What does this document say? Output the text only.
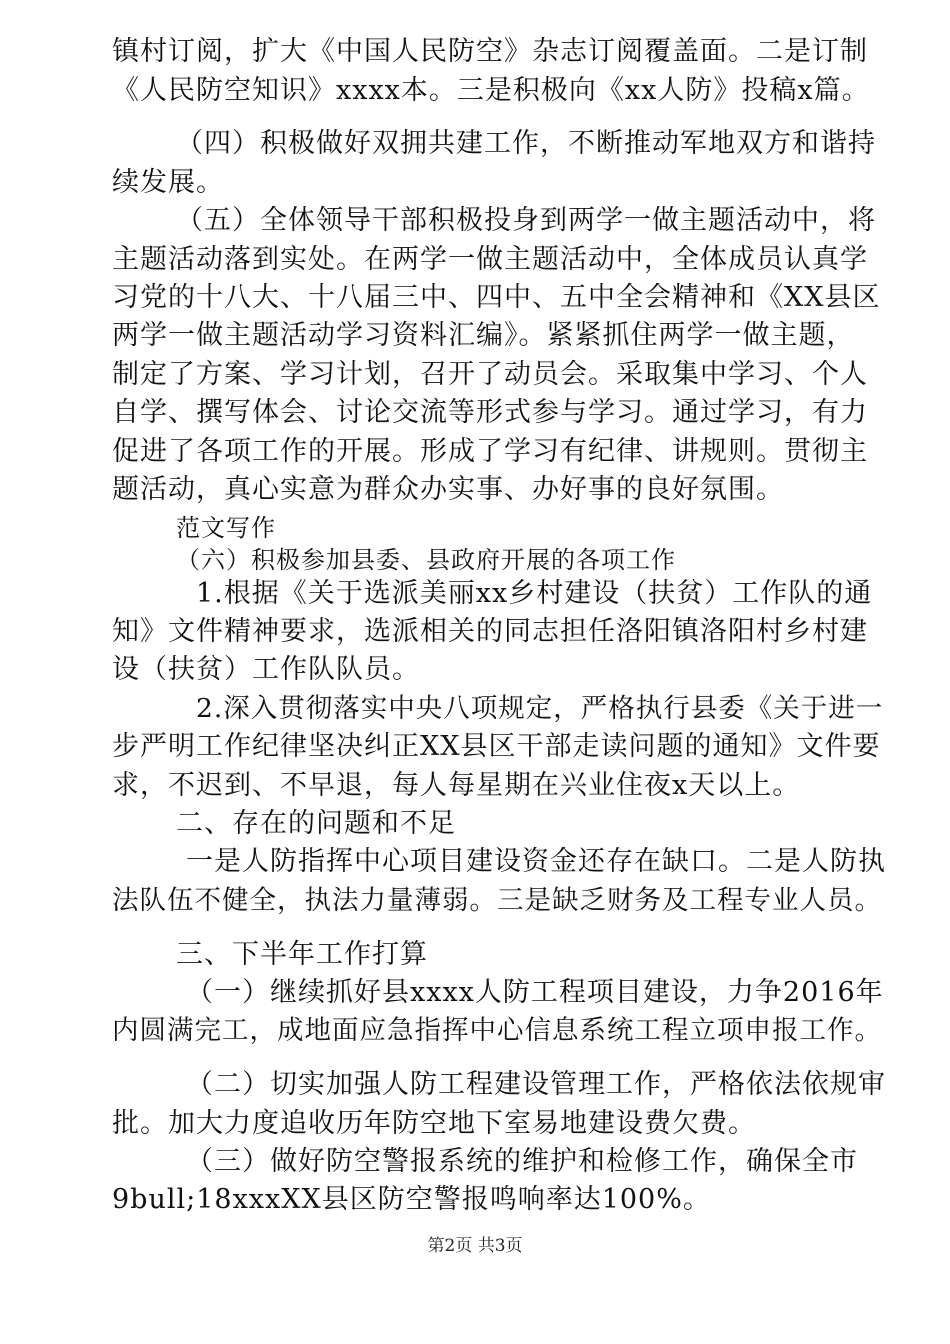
镇村订阅，扩大《中国人民防空》杂志订阅覆盖面。二是订制
《人民防空知识》xxxx本。三是积极向《xx人防》投稿x篇。
（四）积极做好双拥共建工作，不断推动军地双方和谐持
续发展。
（五）全体领导干部积极投身到两学一做主题活动中，将
主题活动落到实处。在两学一做主题活动中，全体成员认真学
习党的十八大、十八届三中、四中、五中全会精神和《XX县区
两学一做主题活动学习资料汇编》。紧紧抓住两学一做主题，
制定了方案、学习计划，召开了动员会。采取集中学习、个人
自学、撰写体会、讨论交流等形式参与学习。通过学习，有力
促进了各项工作的开展。形成了学习有纪律、讲规则。贯彻主
题活动，真心实意为群众办实事、办好事的良好氛围。
范文写作
（六）积极参加县委、县政府开展的各项工作
1.根据《关于选派美丽xx乡村建设（扶贫）工作队的通
知》文件精神要求，选派相关的同志担任洛阳镇洛阳村乡村建
设（扶贫）工作队队员。
2.深入贯彻落实中央八项规定，严格执行县委《关于进一
步严明工作纪律坚决纠正XX县区干部走读问题的通知》文件要
求，不迟到、不早退，每人每星期在兴业住夜x天以上。
二、存在的问题和不足
一是人防指挥中心项目建设资金还存在缺口。二是人防执
法队伍不健全，执法力量薄弱。三是缺乏财务及工程专业人员。
三、下半年工作打算
（一）继续抓好县xxxx人防工程项目建设，力争2016年
内圆满完工，成地面应急指挥中心信息系统工程立项申报工作。
（二）切实加强人防工程建设管理工作，严格依法依规审
批。加大力度追收历年防空地下室易地建设费欠费。
（三）做好防空警报系统的维护和检修工作，确保全市
9bull;18xxxXX县区防空警报鸣响率达100%。
第2页 共3页
